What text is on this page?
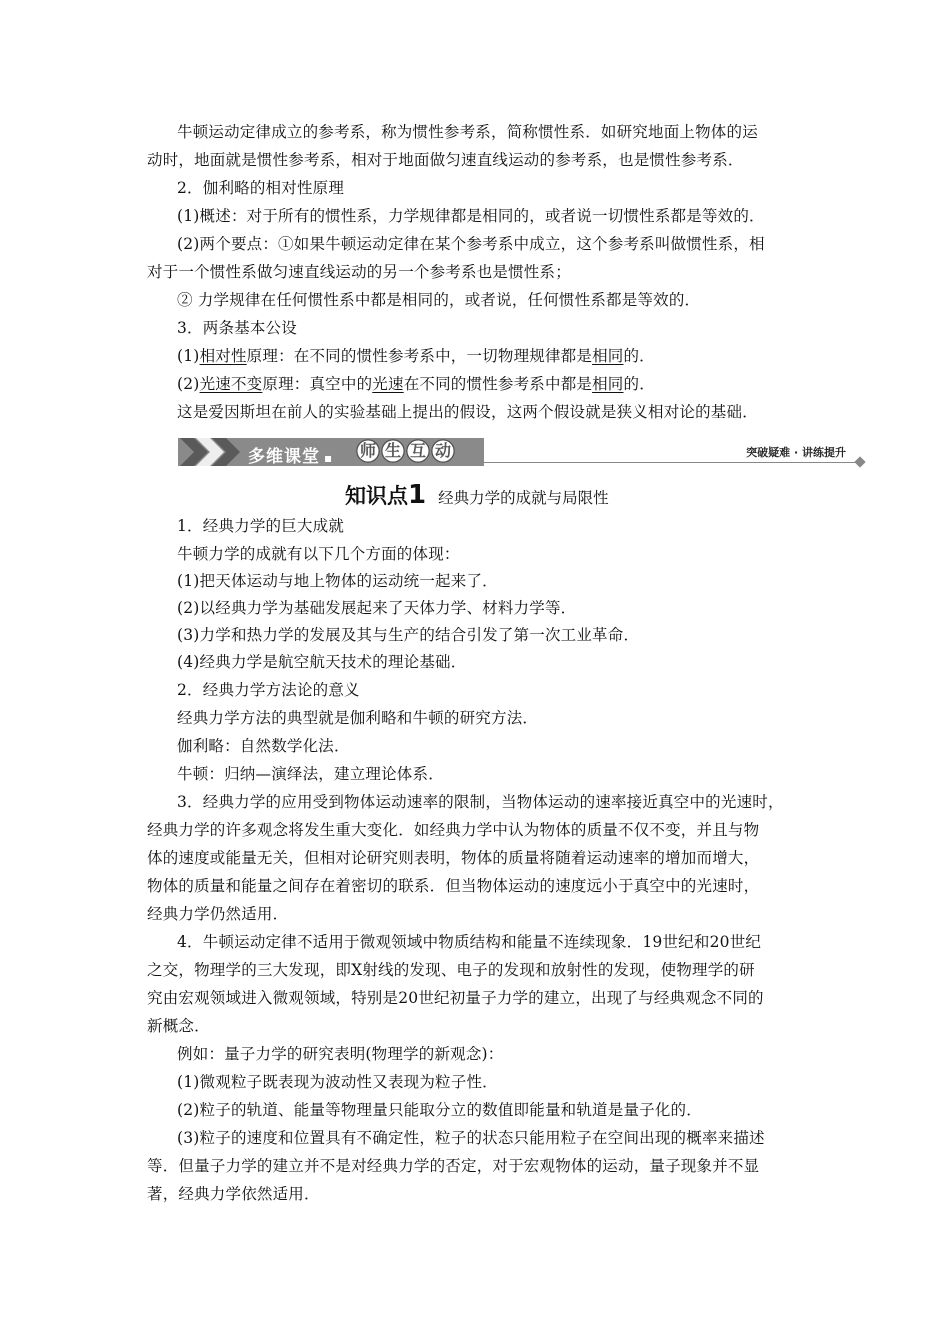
牛顿运动定律成立的参考系，称为惯性参考系，简称惯性系．如研究地面上物体的运
动时，地面就是惯性参考系，相对于地面做匀速直线运动的参考系，也是惯性参考系．
2．伽利略的相对性原理
(1)概述：对于所有的惯性系，力学规律都是相同的，或者说一切惯性系都是等效的．
(2)两个要点：①如果牛顿运动定律在某个参考系中成立，这个参考系叫做惯性系，相
对于一个惯性系做匀速直线运动的另一个参考系也是惯性系；
② 力学规律在任何惯性系中都是相同的，或者说，任何惯性系都是等效的．
3．两条基本公设
(1)相对性原理：在不同的惯性参考系中，一切物理规律都是相同的．
(2)光速不变原理：真空中的光速在不同的惯性参考系中都是相同的．
这是爱因斯坦在前人的实验基础上提出的假设，这两个假设就是狭义相对论的基础．
多维课堂 ▪ 师 生 互 动	突破疑难 · 讲练提升
知识点1 经典力学的成就与局限性
1．经典力学的巨大成就
牛顿力学的成就有以下几个方面的体现：
(1)把天体运动与地上物体的运动统一起来了．
(2)以经典力学为基础发展起来了天体力学、材料力学等．
(3)力学和热力学的发展及其与生产的结合引发了第一次工业革命．
(4)经典力学是航空航天技术的理论基础．
2．经典力学方法论的意义
经典力学方法的典型就是伽利略和牛顿的研究方法．
伽利略：自然数学化法．
牛顿：归纳—演绎法，建立理论体系．
3．经典力学的应用受到物体运动速率的限制，当物体运动的速率接近真空中的光速时，
经典力学的许多观念将发生重大变化．如经典力学中认为物体的质量不仅不变，并且与物
体的速度或能量无关，但相对论研究则表明，物体的质量将随着运动速率的增加而增大，
物体的质量和能量之间存在着密切的联系．但当物体运动的速度远小于真空中的光速时，
经典力学仍然适用．
4．牛顿运动定律不适用于微观领域中物质结构和能量不连续现象．19世纪和20世纪
之交，物理学的三大发现，即X射线的发现、电子的发现和放射性的发现，使物理学的研
究由宏观领域进入微观领域，特别是20世纪初量子力学的建立，出现了与经典观念不同的
新概念．
例如：量子力学的研究表明(物理学的新观念)：
(1)微观粒子既表现为波动性又表现为粒子性．
(2)粒子的轨道、能量等物理量只能取分立的数值即能量和轨道是量子化的．
(3)粒子的速度和位置具有不确定性，粒子的状态只能用粒子在空间出现的概率来描述
等．但量子力学的建立并不是对经典力学的否定，对于宏观物体的运动，量子现象并不显
著，经典力学依然适用．
